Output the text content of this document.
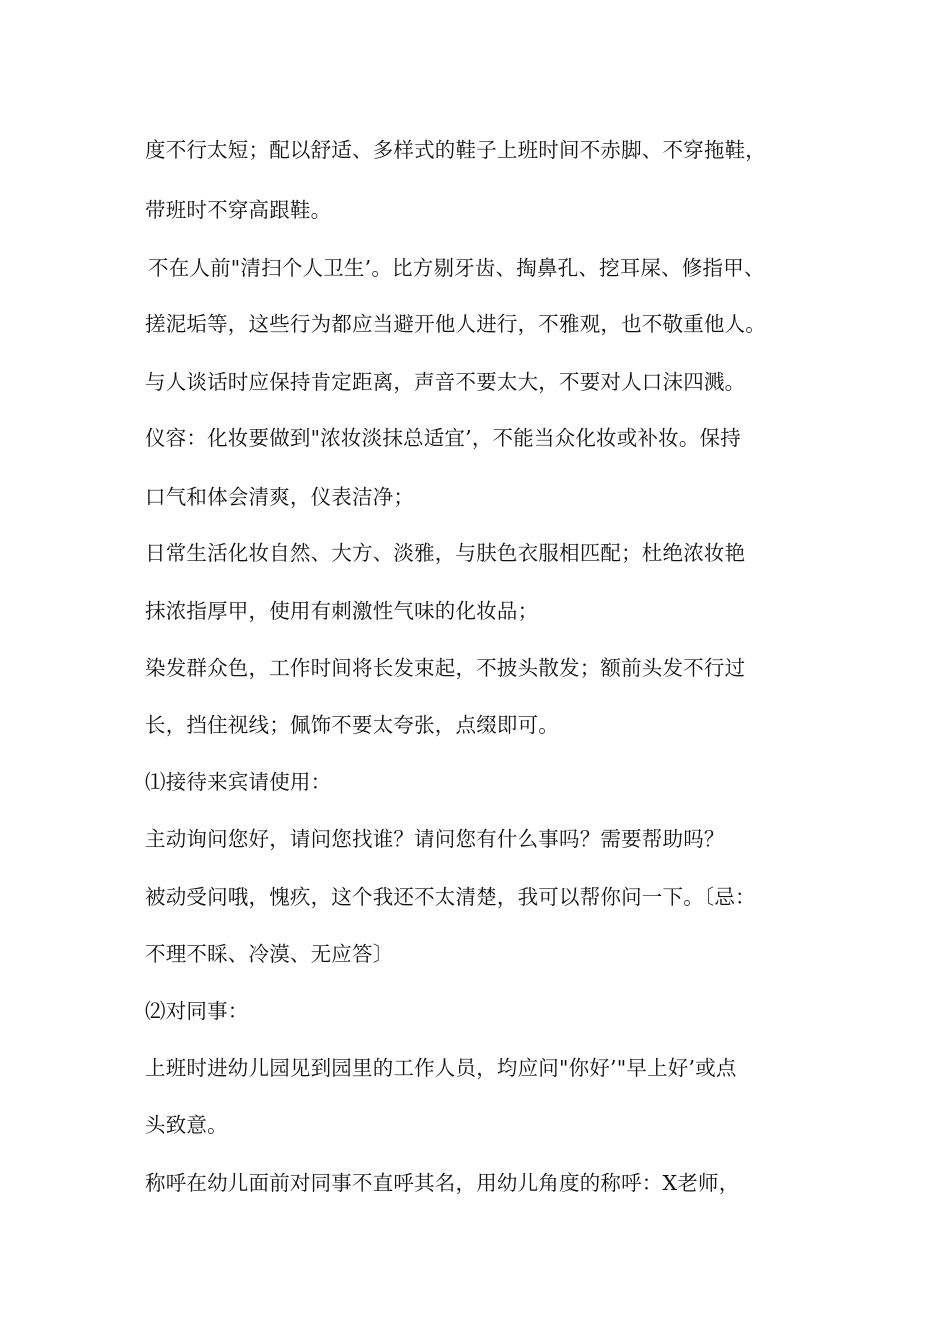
度不行太短；配以舒适、多样式的鞋子上班时间不赤脚、不穿拖鞋，
带班时不穿高跟鞋。
不在人前"清扫个人卫生’。比方剔牙齿、掏鼻孔、挖耳屎、修指甲、
搓泥垢等，这些行为都应当避开他人进行，不雅观，也不敬重他人。
与人谈话时应保持肯定距离，声音不要太大，不要对人口沫四溅。
仪容：化妆要做到"浓妆淡抹总适宜’，不能当众化妆或补妆。保持
口气和体会清爽，仪表洁净；
日常生活化妆自然、大方、淡雅，与肤色衣服相匹配；杜绝浓妆艳
抹浓指厚甲，使用有刺激性气味的化妆品；
染发群众色，工作时间将长发束起，不披头散发；额前头发不行过
长，挡住视线；佩饰不要太夸张，点缀即可。
⑴接待来宾请使用：
主动询问您好，请问您找谁？请问您有什么事吗？需要帮助吗？
被动受问哦，愧疚，这个我还不太清楚，我可以帮你问一下。〔忌：
不理不睬、冷漠、无应答〕
⑵对同事：
上班时进幼儿园见到园里的工作人员，均应问"你好’"早上好’或点
头致意。
称呼在幼儿面前对同事不直呼其名，用幼儿角度的称呼：X老师，
